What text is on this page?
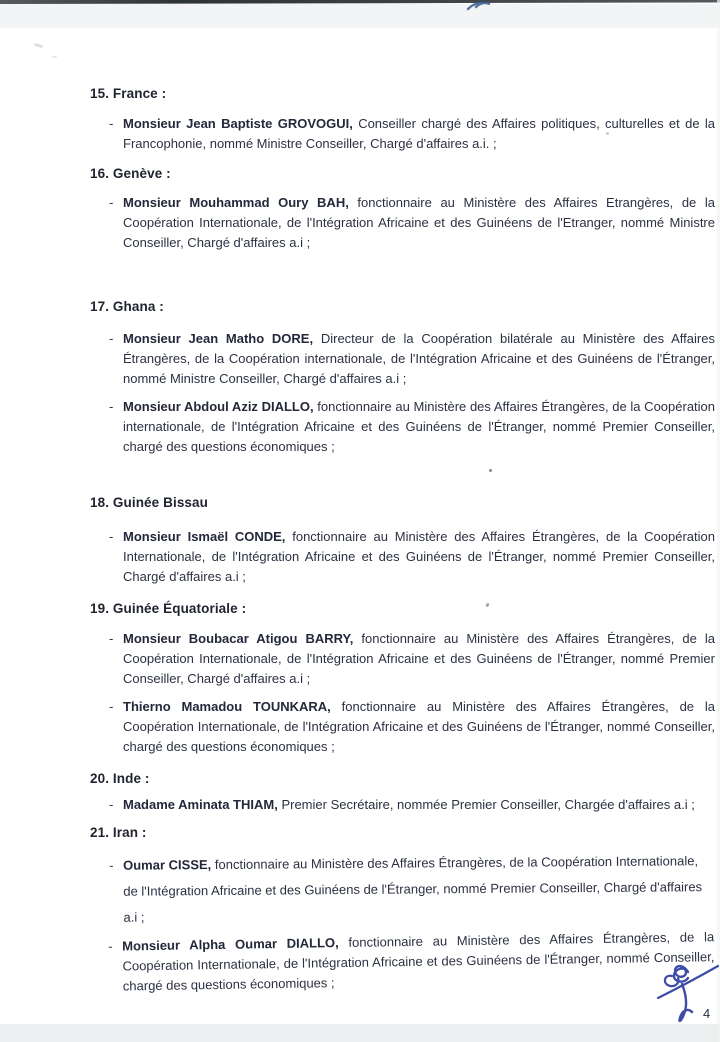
15. France :

- Monsieur Jean Baptiste GROVOGUI, Conseiller chargé des Affaires politiques, culturelles et de la Francophonie, nommé Ministre Conseiller, Chargé d'affaires a.i. ;

16. Genève :

- Monsieur Mouhammad Oury BAH, fonctionnaire au Ministère des Affaires Etrangères, de la Coopération Internationale, de l'Intégration Africaine et des Guinéens de l'Etranger, nommé Ministre Conseiller, Chargé d'affaires a.i ;

17. Ghana :

- Monsieur Jean Matho DORE, Directeur de la Coopération bilatérale au Ministère des Affaires Étrangères, de la Coopération internationale, de l'Intégration Africaine et des Guinéens de l'Étranger, nommé Ministre Conseiller, Chargé d'affaires a.i ;

- Monsieur Abdoul Aziz DIALLO, fonctionnaire au Ministère des Affaires Étrangères, de la Coopération internationale, de l'Intégration Africaine et des Guinéens de l'Étranger, nommé Premier Conseiller, chargé des questions économiques ;

18. Guinée Bissau

- Monsieur Ismaël CONDE, fonctionnaire au Ministère des Affaires Étrangères, de la Coopération Internationale, de l'Intégration Africaine et des Guinéens de l'Étranger, nommé Premier Conseiller, Chargé d'affaires a.i ;

19. Guinée Équatoriale :

- Monsieur Boubacar Atigou BARRY, fonctionnaire au Ministère des Affaires Étrangères, de la Coopération Internationale, de l'Intégration Africaine et des Guinéens de l'Étranger, nommé Premier Conseiller, Chargé d'affaires a.i ;

- Thierno Mamadou TOUNKARA, fonctionnaire au Ministère des Affaires Étrangères, de la Coopération Internationale, de l'Intégration Africaine et des Guinéens de l'Étranger, nommé Conseiller, chargé des questions économiques ;

20. Inde :

- Madame Aminata THIAM, Premier Secrétaire, nommée Premier Conseiller, Chargée d'affaires a.i ;

21. Iran :

- Oumar CISSE, fonctionnaire au Ministère des Affaires Étrangères, de la Coopération Internationale, de l'Intégration Africaine et des Guinéens de l'Étranger, nommé Premier Conseiller, Chargé d'affaires a.i ;

- Monsieur Alpha Oumar DIALLO, fonctionnaire au Ministère des Affaires Étrangères, de la Coopération Internationale, de l'Intégration Africaine et des Guinéens de l'Étranger, nommé Conseiller, chargé des questions économiques ;

4
